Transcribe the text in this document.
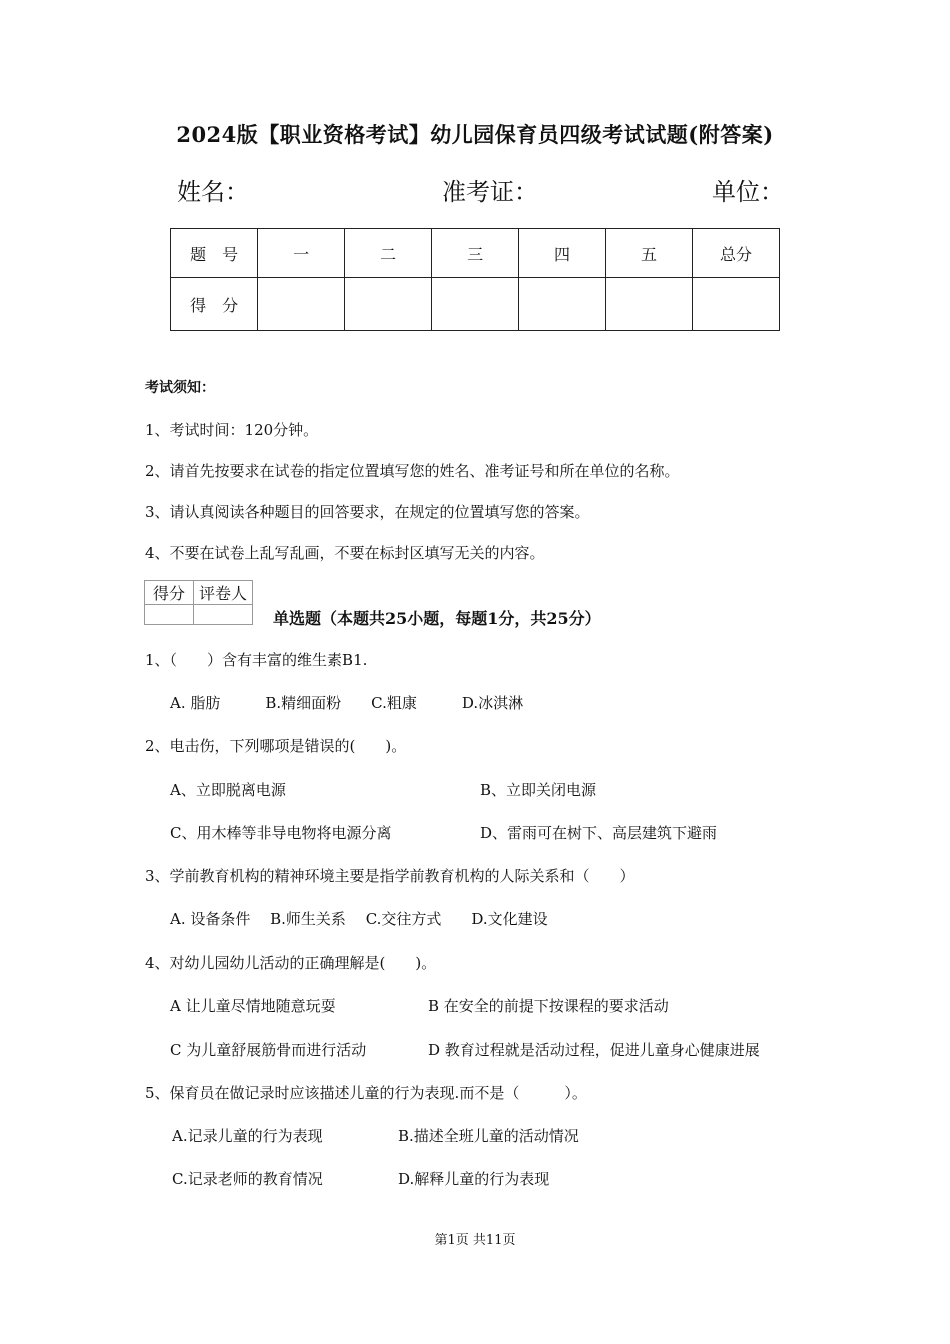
2024版【职业资格考试】幼儿园保育员四级考试试题(附答案)
姓名：	准考证：	单位：
题　号	一	二	三	四	五	总分
得　分						
考试须知：
1、考试时间：120分钟。
2、请首先按要求在试卷的指定位置填写您的姓名、准考证号和所在单位的名称。
3、请认真阅读各种题目的回答要求，在规定的位置填写您的答案。
4、不要在试卷上乱写乱画，不要在标封区填写无关的内容。
得分	评卷人

单选题（本题共25小题，每题1分，共25分）
1、（　　）含有丰富的维生素B1.
A. 脂肪　　　B.精细面粉　　C.粗康　　　D.冰淇淋
2、电击伤，下列哪项是错误的(　　)。
A、立即脱离电源	B、立即关闭电源
C、用木棒等非导电物将电源分离	D、雷雨可在树下、高层建筑下避雨
3、学前教育机构的精神环境主要是指学前教育机构的人际关系和（　　）
A. 设备条件　 B.师生关系　 C.交往方式　　D.文化建设
4、对幼儿园幼儿活动的正确理解是(　　)。
A 让儿童尽情地随意玩耍	B 在安全的前提下按课程的要求活动
C 为儿童舒展筋骨而进行活动	D 教育过程就是活动过程，促进儿童身心健康进展
5、保育员在做记录时应该描述儿童的行为表现.而不是（　　　）。
A.记录儿童的行为表现	B.描述全班儿童的活动情况
C.记录老师的教育情况	D.解释儿童的行为表现
第1页 共11页
